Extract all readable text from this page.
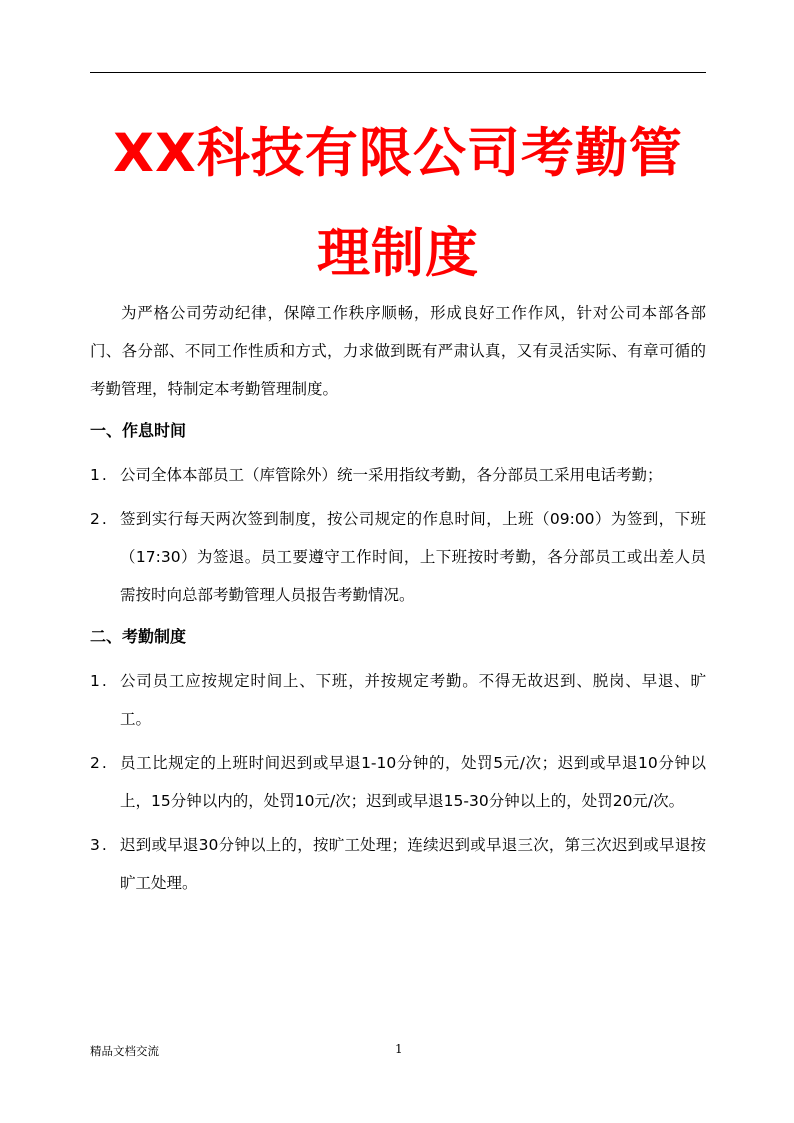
XX科技有限公司考勤管理制度

为严格公司劳动纪律，保障工作秩序顺畅，形成良好工作作风，针对公司本部各部门、各分部、不同工作性质和方式，力求做到既有严肃认真，又有灵活实际、有章可循的考勤管理，特制定本考勤管理制度。

一、作息时间
1. 公司全体本部员工（库管除外）统一采用指纹考勤，各分部员工采用电话考勤；
2. 签到实行每天两次签到制度，按公司规定的作息时间，上班（09:00）为签到，下班（17:30）为签退。员工要遵守工作时间，上下班按时考勤，各分部员工或出差人员需按时向总部考勤管理人员报告考勤情况。
二、考勤制度
1. 公司员工应按规定时间上、下班，并按规定考勤。不得无故迟到、脱岗、早退、旷工。
2. 员工比规定的上班时间迟到或早退1-10分钟的，处罚5元/次；迟到或早退10分钟以上，15分钟以内的，处罚10元/次；迟到或早退15-30分钟以上的，处罚20元/次。
3. 迟到或早退30分钟以上的，按旷工处理；连续迟到或早退三次，第三次迟到或早退按旷工处理。
精品文档交流	1
